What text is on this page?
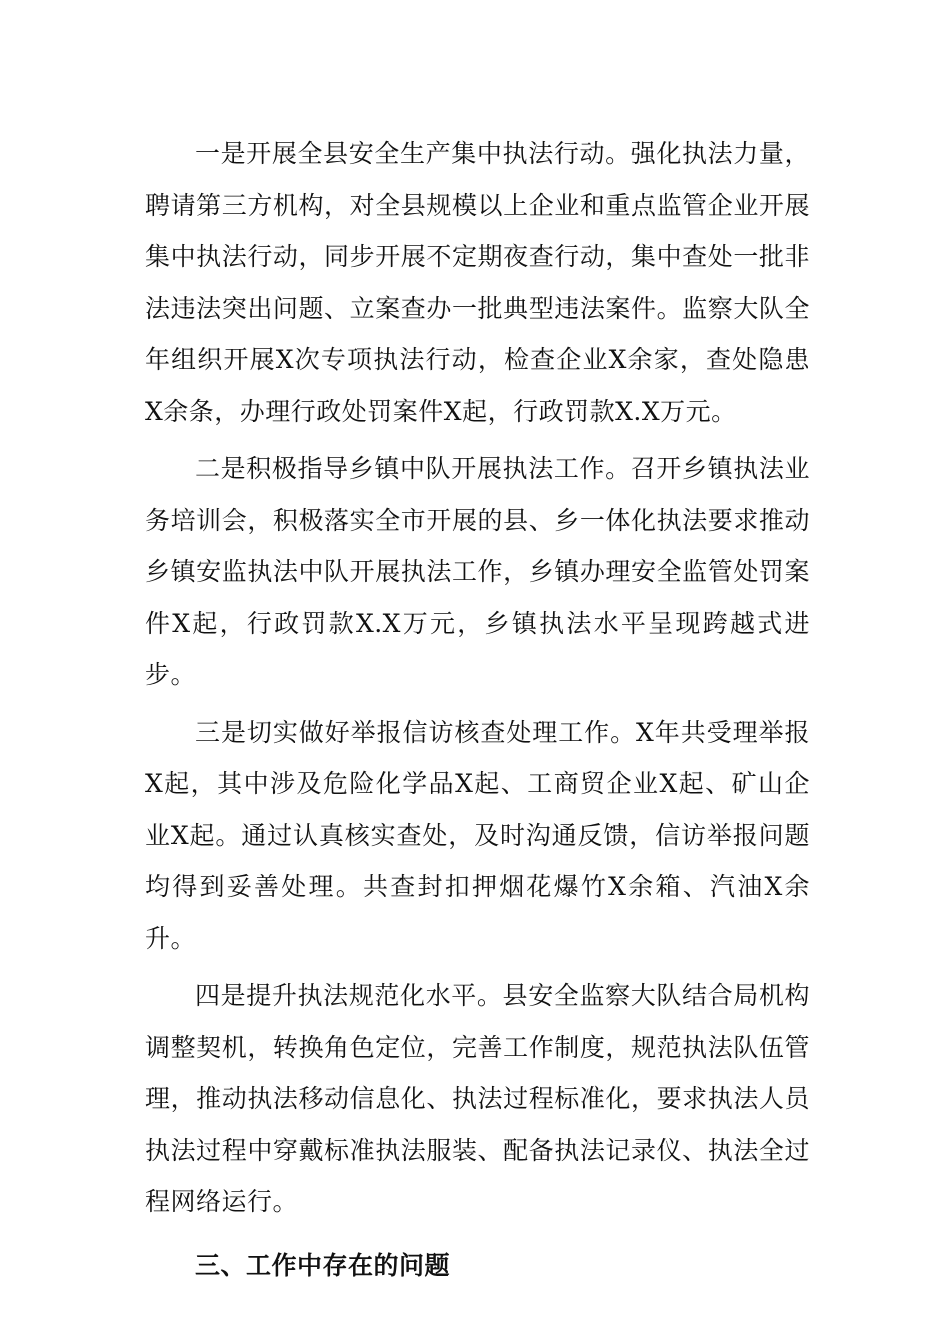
一是开展全县安全生产集中执法行动。强化执法力量，聘请第三方机构，对全县规模以上企业和重点监管企业开展集中执法行动，同步开展不定期夜查行动，集中查处一批非法违法突出问题、立案查办一批典型违法案件。监察大队全年组织开展X次专项执法行动，检查企业X余家，查处隐患X余条，办理行政处罚案件X起，行政罚款X.X万元。

二是积极指导乡镇中队开展执法工作。召开乡镇执法业务培训会，积极落实全市开展的县、乡一体化执法要求推动乡镇安监执法中队开展执法工作，乡镇办理安全监管处罚案件X起，行政罚款X.X万元，乡镇执法水平呈现跨越式进步。

三是切实做好举报信访核查处理工作。X年共受理举报X起，其中涉及危险化学品X起、工商贸企业X起、矿山企业X起。通过认真核实查处，及时沟通反馈，信访举报问题均得到妥善处理。共查封扣押烟花爆竹X余箱、汽油X余升。

四是提升执法规范化水平。县安全监察大队结合局机构调整契机，转换角色定位，完善工作制度，规范执法队伍管理，推动执法移动信息化、执法过程标准化，要求执法人员执法过程中穿戴标准执法服装、配备执法记录仪、执法全过程网络运行。

三、工作中存在的问题
